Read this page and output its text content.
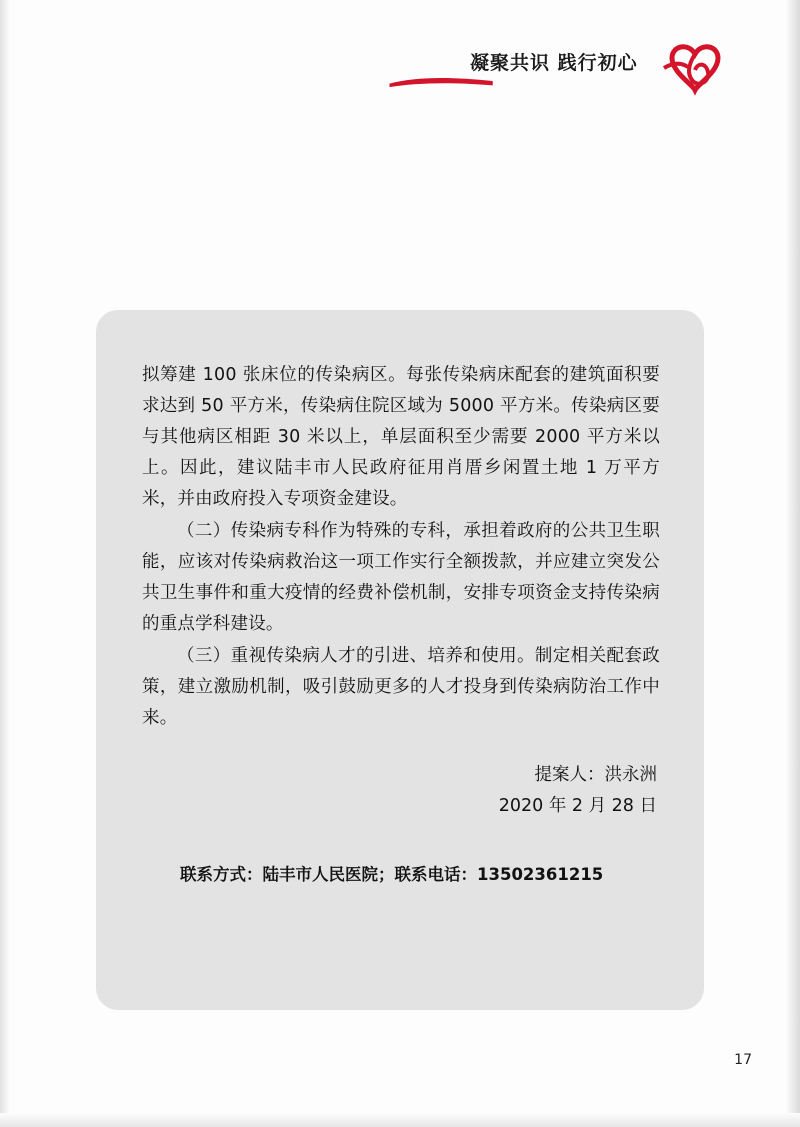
凝聚共识 践行初心

拟筹建 100 张床位的传染病区。每张传染病床配套的建筑面积要求达到 50 平方米，传染病住院区域为 5000 平方米。传染病区要与其他病区相距 30 米以上，单层面积至少需要 2000 平方米以上。因此，建议陆丰市人民政府征用肖厝乡闲置土地 1 万平方米，并由政府投入专项资金建设。

（二）传染病专科作为特殊的专科，承担着政府的公共卫生职能，应该对传染病救治这一项工作实行全额拨款，并应建立突发公共卫生事件和重大疫情的经费补偿机制，安排专项资金支持传染病的重点学科建设。

（三）重视传染病人才的引进、培养和使用。制定相关配套政策，建立激励机制，吸引鼓励更多的人才投身到传染病防治工作中来。

提案人：洪永洲
2020 年 2 月 28 日
联系方式：陆丰市人民医院；联系电话：13502361215
17
